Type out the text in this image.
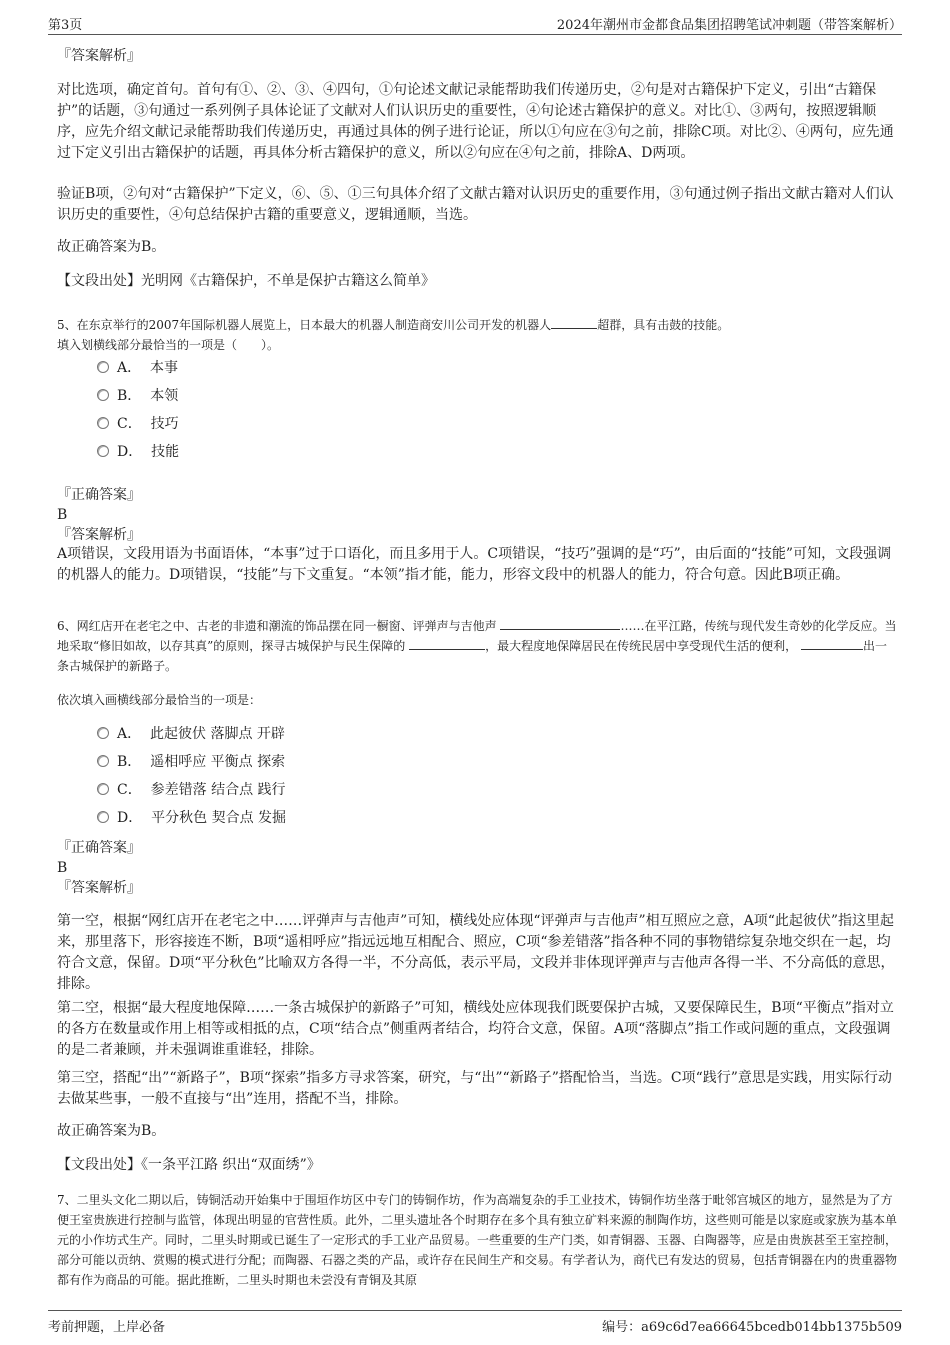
第3页	2024年潮州市金都食品集团招聘笔试冲刺题（带答案解析）
『答案解析』
对比选项，确定首句。首句有①、②、③、④四句，①句论述文献记录能帮助我们传递历史，②句是对古籍保护下定义，引出“古籍保护”的话题，③句通过一系列例子具体论证了文献对人们认识历史的重要性，④句论述古籍保护的意义。对比①、③两句，按照逻辑顺序，应先介绍文献记录能帮助我们传递历史，再通过具体的例子进行论证，所以①句应在③句之前，排除C项。对比②、④两句，应先通过下定义引出古籍保护的话题，再具体分析古籍保护的意义，所以②句应在④句之前，排除A、D两项。
验证B项，②句对“古籍保护”下定义，⑥、⑤、①三句具体介绍了文献古籍对认识历史的重要作用，③句通过例子指出文献古籍对人们认识历史的重要性，④句总结保护古籍的重要意义，逻辑通顺，当选。
故正确答案为B。
【文段出处】光明网《古籍保护，不单是保护古籍这么简单》
5、在东京举行的2007年国际机器人展览上，日本最大的机器人制造商安川公司开发的机器人	超群，具有击鼓的技能。
填入划横线部分最恰当的一项是（　　）。
A． 本事
B． 本领
C． 技巧
D． 技能
『正确答案』
B
『答案解析』
A项错误，文段用语为书面语体，“本事”过于口语化，而且多用于人。C项错误，“技巧”强调的是“巧”，由后面的“技能”可知，文段强调的机器人的能力。D项错误，“技能”与下文重复。“本领”指才能，能力，形容文段中的机器人的能力，符合句意。因此B项正确。
6、网红店开在老宅之中、古老的非遗和潮流的饰品摆在同一橱窗、评弹声与吉他声	……在平江路，传统与现代发生奇妙的化学反应。当地采取“修旧如故，以存其真”的原则，探寻古城保护与民生保障的	，最大程度地保障居民在传统民居中享受现代生活的便利，	出一条古城保护的新路子。
依次填入画横线部分最恰当的一项是：
A． 此起彼伏 落脚点 开辟
B． 遥相呼应 平衡点 探索
C． 参差错落 结合点 践行
D． 平分秋色 契合点 发掘
『正确答案』
B
『答案解析』
第一空，根据“网红店开在老宅之中……评弹声与吉他声”可知，横线处应体现“评弹声与吉他声”相互照应之意，A项“此起彼伏”指这里起来，那里落下，形容接连不断，B项“遥相呼应”指远远地互相配合、照应，C项“参差错落”指各种不同的事物错综复杂地交织在一起，均符合文意，保留。D项“平分秋色”比喻双方各得一半，不分高低，表示平局，文段并非体现评弹声与吉他声各得一半、不分高低的意思，排除。
第二空，根据“最大程度地保障……一条古城保护的新路子”可知，横线处应体现我们既要保护古城，又要保障民生，B项“平衡点”指对立的各方在数量或作用上相等或相抵的点，C项“结合点”侧重两者结合，均符合文意，保留。A项“落脚点”指工作或问题的重点，文段强调的是二者兼顾，并未强调谁重谁轻，排除。
第三空，搭配“出”“新路子”，B项“探索”指多方寻求答案，研究，与“出”“新路子”搭配恰当，当选。C项“践行”意思是实践，用实际行动去做某些事，一般不直接与“出”连用，搭配不当，排除。
故正确答案为B。
【文段出处】《一条平江路 织出“双面绣”》
7、二里头文化二期以后，铸铜活动开始集中于围垣作坊区中专门的铸铜作坊，作为高端复杂的手工业技术，铸铜作坊坐落于毗邻宫城区的地方，显然是为了方便王室贵族进行控制与监管，体现出明显的官营性质。此外，二里头遗址各个时期存在多个具有独立矿料来源的制陶作坊，这些则可能是以家庭或家族为基本单元的小作坊式生产。同时，二里头时期或已诞生了一定形式的手工业产品贸易。一些重要的生产门类，如青铜器、玉器、白陶器等，应是由贵族甚至王室控制，部分可能以贡纳、赏赐的模式进行分配；而陶器、石器之类的产品，或许存在民间生产和交易。有学者认为，商代已有发达的贸易，包括青铜器在内的贵重器物都有作为商品的可能。据此推断，二里头时期也未尝没有青铜及其原
考前押题，上岸必备	编号：a69c6d7ea66645bcedb014bb1375b509
